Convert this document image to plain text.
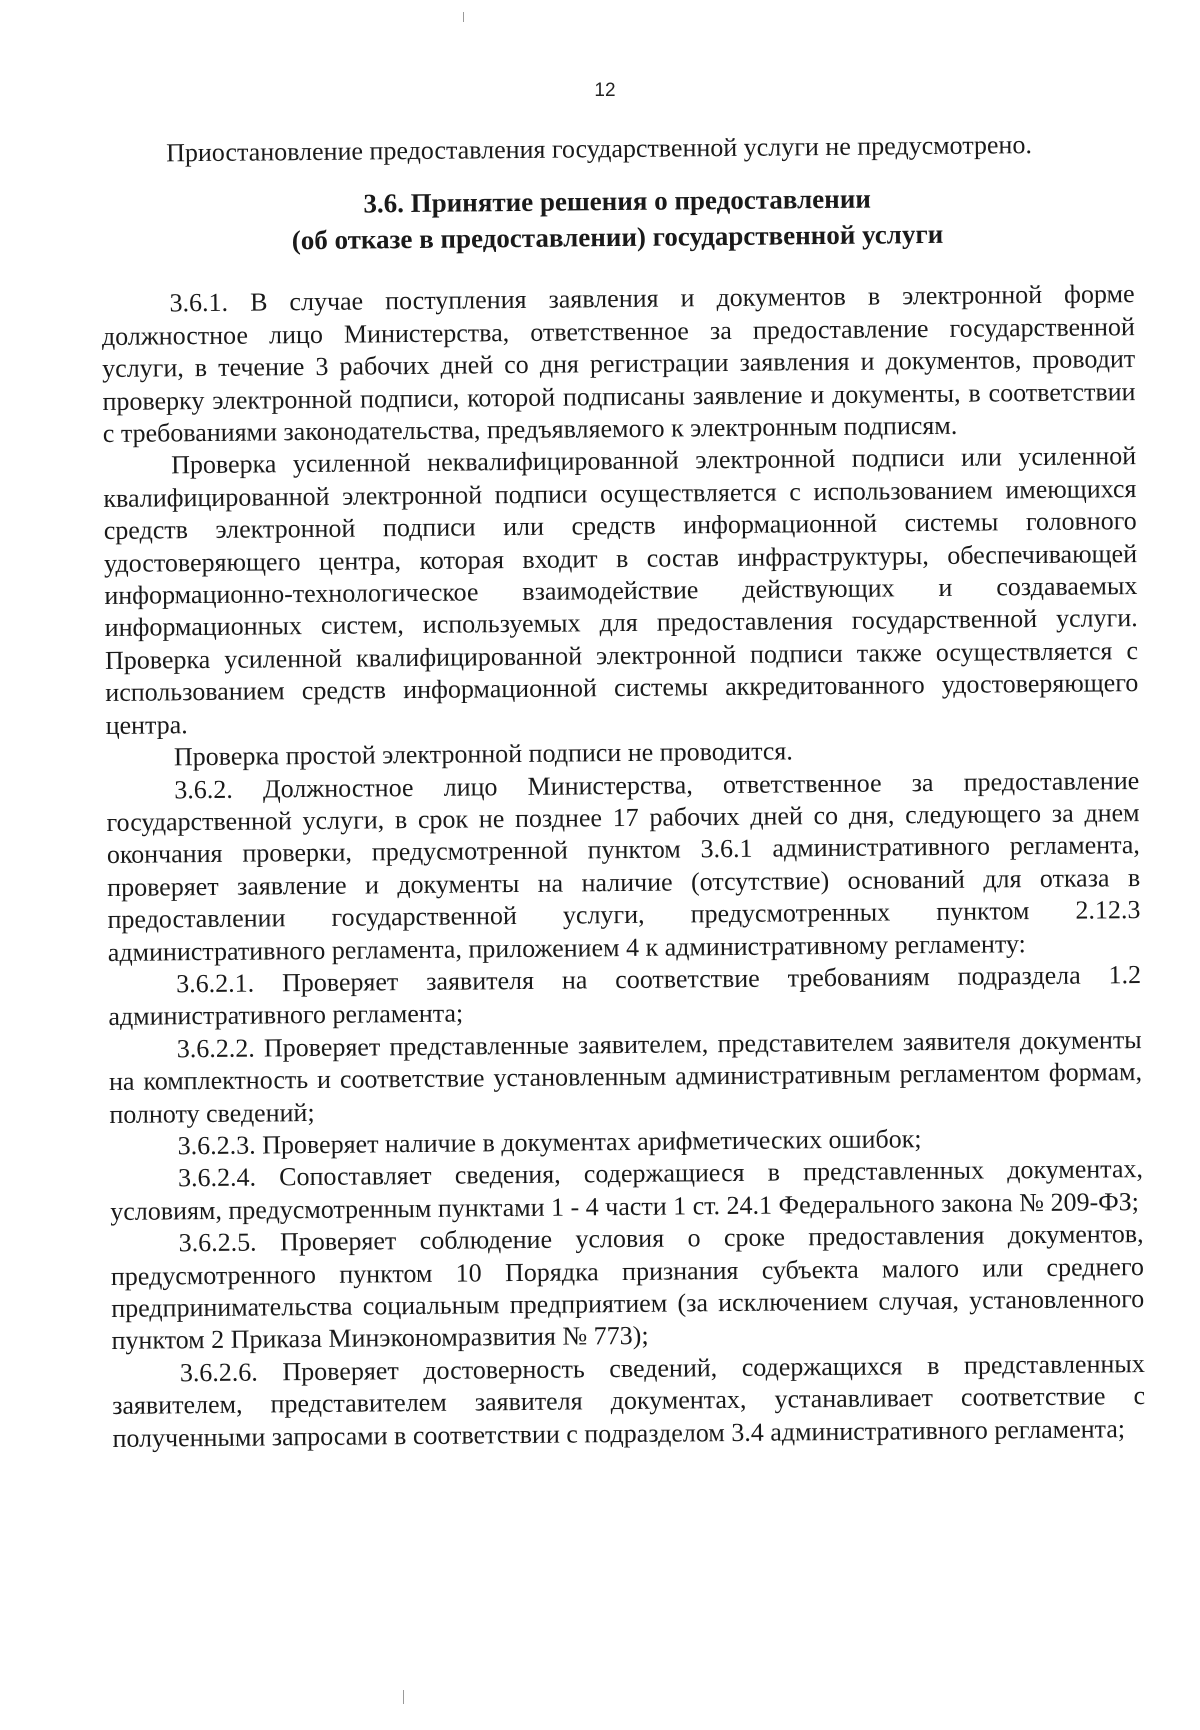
12

Приостановление предоставления государственной услуги не предусмотрено.

3.6. Принятие решения о предоставлении
(об отказе в предоставлении) государственной услуги

3.6.1. В случае поступления заявления и документов в электронной форме должностное лицо Министерства, ответственное за предоставление государственной услуги, в течение 3 рабочих дней со дня регистрации заявления и документов, проводит проверку электронной подписи, которой подписаны заявление и документы, в соответствии с требованиями законодательства, предъявляемого к электронным подписям.

Проверка усиленной неквалифицированной электронной подписи или усиленной квалифицированной электронной подписи осуществляется с использованием имеющихся средств электронной подписи или средств информационной системы головного удостоверяющего центра, которая входит в состав инфраструктуры, обеспечивающей информационно-технологическое взаимодействие действующих и создаваемых информационных систем, используемых для предоставления государственной услуги. Проверка усиленной квалифицированной электронной подписи также осуществляется с использованием средств информационной системы аккредитованного удостоверяющего центра.

Проверка простой электронной подписи не проводится.

3.6.2. Должностное лицо Министерства, ответственное за предоставление государственной услуги, в срок не позднее 17 рабочих дней со дня, следующего за днем окончания проверки, предусмотренной пунктом 3.6.1 административного регламента, проверяет заявление и документы на наличие (отсутствие) оснований для отказа в предоставлении государственной услуги, предусмотренных пунктом 2.12.3 административного регламента, приложением 4 к административному регламенту:

3.6.2.1. Проверяет заявителя на соответствие требованиям подраздела 1.2 административного регламента;

3.6.2.2. Проверяет представленные заявителем, представителем заявителя документы на комплектность и соответствие установленным административным регламентом формам, полноту сведений;

3.6.2.3. Проверяет наличие в документах арифметических ошибок;

3.6.2.4. Сопоставляет сведения, содержащиеся в представленных документах, условиям, предусмотренным пунктами 1 - 4 части 1 ст. 24.1 Федерального закона № 209-ФЗ;

3.6.2.5. Проверяет соблюдение условия о сроке предоставления документов, предусмотренного пунктом 10 Порядка признания субъекта малого или среднего предпринимательства социальным предприятием (за исключением случая, установленного пунктом 2 Приказа Минэкономразвития № 773);

3.6.2.6. Проверяет достоверность сведений, содержащихся в представленных заявителем, представителем заявителя документах, устанавливает соответствие с полученными запросами в соответствии с подразделом 3.4 административного регламента;
